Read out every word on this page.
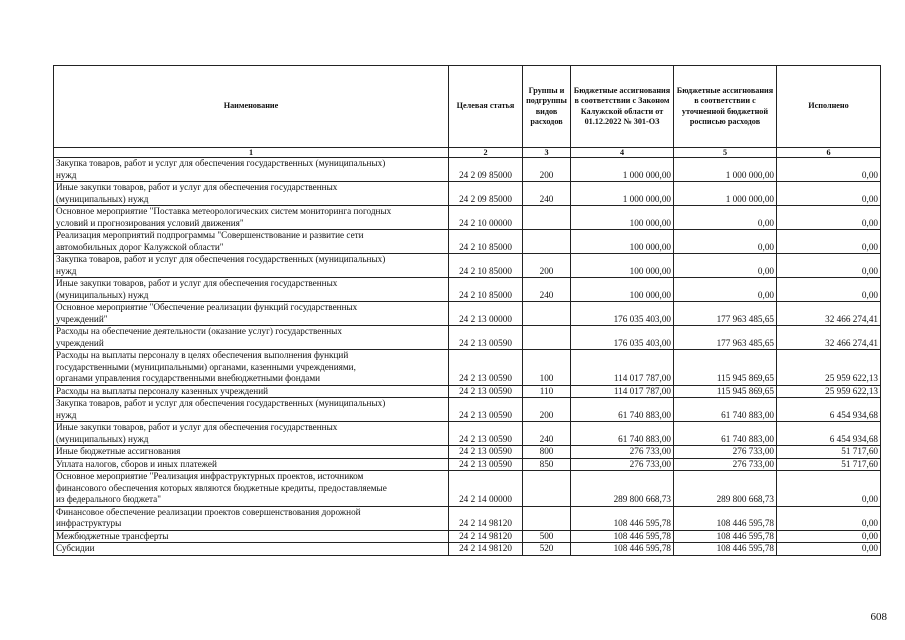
Наименование	Целевая статья	Группы и подгруппы видов расходов	Бюджетные ассигнования в соответствии с Законом Калужской области от 01.12.2022 № 301-ОЗ	Бюджетные ассигнования в соответствии с уточненной бюджетной росписью расходов	Исполнено
1	2	3	4	5	6
Закупка товаров, работ и услуг для обеспечения государственных (муниципальных)
нужд	24 2 09 85000	200	1 000 000,00	1 000 000,00	0,00
Иные закупки товаров, работ и услуг для обеспечения государственных
(муниципальных) нужд	24 2 09 85000	240	1 000 000,00	1 000 000,00	0,00
Основное мероприятие "Поставка метеорологических систем мониторинга погодных
условий и прогнозирования условий движения"	24 2 10 00000		100 000,00	0,00	0,00
Реализация мероприятий подпрограммы "Совершенствование и развитие сети
автомобильных дорог Калужской области"	24 2 10 85000		100 000,00	0,00	0,00
Закупка товаров, работ и услуг для обеспечения государственных (муниципальных)
нужд	24 2 10 85000	200	100 000,00	0,00	0,00
Иные закупки товаров, работ и услуг для обеспечения государственных
(муниципальных) нужд	24 2 10 85000	240	100 000,00	0,00	0,00
Основное мероприятие "Обеспечение реализации функций государственных
учреждений"	24 2 13 00000		176 035 403,00	177 963 485,65	32 466 274,41
Расходы на обеспечение деятельности (оказание услуг) государственных
учреждений	24 2 13 00590		176 035 403,00	177 963 485,65	32 466 274,41
Расходы на выплаты персоналу в целях обеспечения выполнения функций
государственными (муниципальными) органами, казенными учреждениями,
органами управления государственными внебюджетными фондами	24 2 13 00590	100	114 017 787,00	115 945 869,65	25 959 622,13
Расходы на выплаты персоналу казенных учреждений	24 2 13 00590	110	114 017 787,00	115 945 869,65	25 959 622,13
Закупка товаров, работ и услуг для обеспечения государственных (муниципальных)
нужд	24 2 13 00590	200	61 740 883,00	61 740 883,00	6 454 934,68
Иные закупки товаров, работ и услуг для обеспечения государственных
(муниципальных) нужд	24 2 13 00590	240	61 740 883,00	61 740 883,00	6 454 934,68
Иные бюджетные ассигнования	24 2 13 00590	800	276 733,00	276 733,00	51 717,60
Уплата налогов, сборов и иных платежей	24 2 13 00590	850	276 733,00	276 733,00	51 717,60
Основное мероприятие "Реализация инфраструктурных проектов, источником
финансового обеспечения которых являются бюджетные кредиты, предоставляемые
из федерального бюджета"	24 2 14 00000		289 800 668,73	289 800 668,73	0,00
Финансовое обеспечение реализации проектов совершенствования дорожной
инфраструктуры	24 2 14 98120		108 446 595,78	108 446 595,78	0,00
Межбюджетные трансферты	24 2 14 98120	500	108 446 595,78	108 446 595,78	0,00
Субсидии	24 2 14 98120	520	108 446 595,78	108 446 595,78	0,00
608
